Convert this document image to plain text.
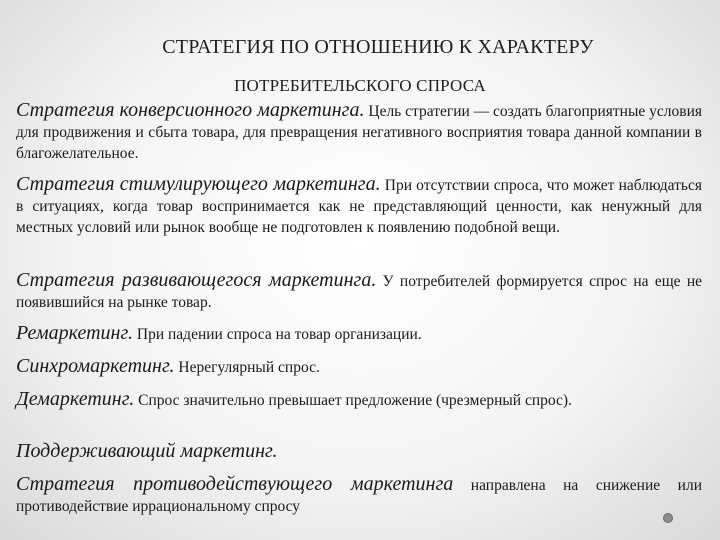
СТРАТЕГИЯ ПО ОТНОШЕНИЮ К ХАРАКТЕРУ
ПОТРЕБИТЕЛЬСКОГО СПРОСА
Стратегия конверсионного маркетинга. Цель стратегии — создать благоприятные условия для продвижения и сбыта товара, для превращения негативного восприятия товара данной компании в благожелательное.
Стратегия стимулирующего маркетинга. При отсутствии спроса, что может наблюдаться в ситуациях, когда товар воспринимается как не представляющий ценности, как ненужный для местных условий или рынок вообще не подготовлен к появлению подобной вещи.
Стратегия развивающегося маркетинга. У потребителей формируется спрос на еще не появившийся на рынке товар.
Ремаркетинг. При падении спроса на товар организации.
Синхромаркетинг. Нерегулярный спрос.
Демаркетинг. Спрос значительно превышает предложение (чрезмерный спрос).
Поддерживающий маркетинг.
Стратегия противодействующего маркетинга направлена на снижение или противодействие иррациональному спросу
